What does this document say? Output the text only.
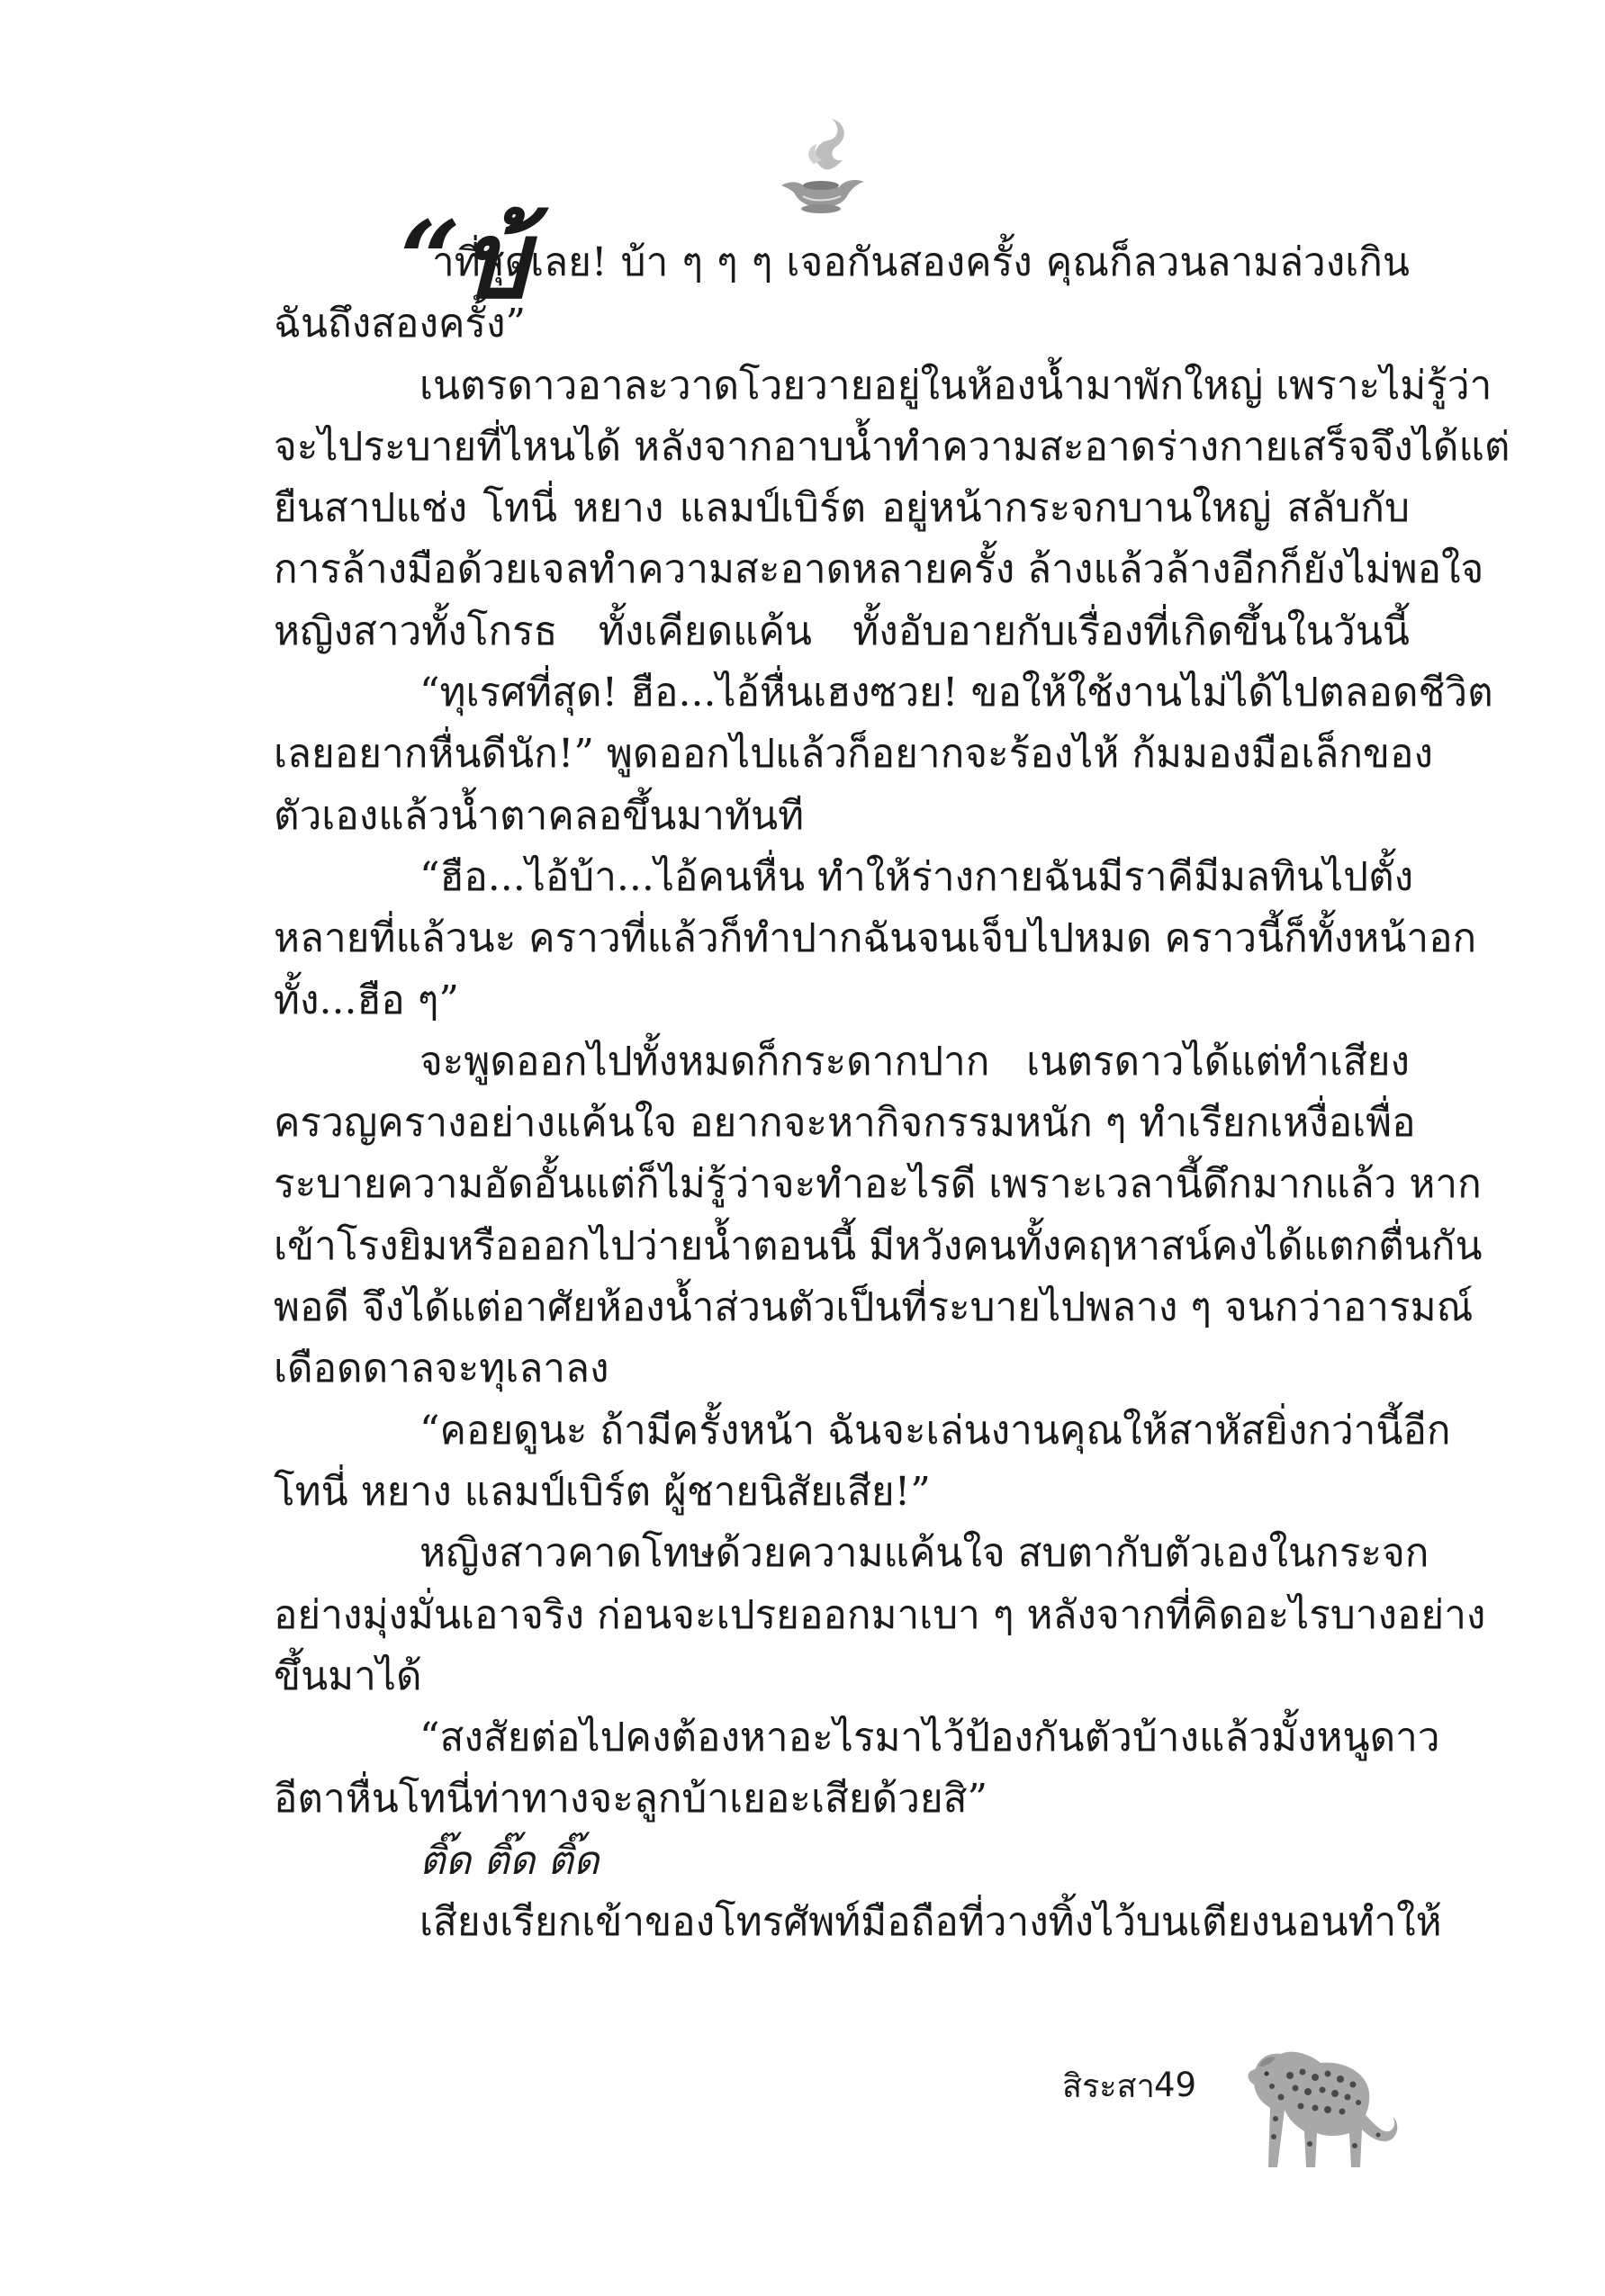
“บ้
าที่สุดเลย! บ้า ๆ ๆ ๆ เจอกันสองครั้ง คุณก็ลวนลามล่วงเกิน
ฉันถึงสองครั้ง”
เนตรดาวอาละวาดโวยวายอยู่ในห้องน้ำมาพักใหญ่ เพราะไม่รู้ว่า
จะไประบายที่ไหนได้ หลังจากอาบน้ำทำความสะอาดร่างกายเสร็จจึงได้แต่
ยืนสาปแช่ง โทนี่ หยาง แลมป์เบิร์ต อยู่หน้ากระจกบานใหญ่ สลับกับ
การล้างมือด้วยเจลทำความสะอาดหลายครั้ง ล้างแล้วล้างอีกก็ยังไม่พอใจ
หญิงสาวทั้งโกรธ ทั้งเคียดแค้น ทั้งอับอายกับเรื่องที่เกิดขึ้นในวันนี้
“ทุเรศที่สุด! ฮือ...ไอ้หื่นเฮงซวย! ขอให้ใช้งานไม่ได้ไปตลอดชีวิต
เลยอยากหื่นดีนัก!” พูดออกไปแล้วก็อยากจะร้องไห้ ก้มมองมือเล็กของ
ตัวเองแล้วน้ำตาคลอขึ้นมาทันที
“ฮือ...ไอ้บ้า...ไอ้คนหื่น ทำให้ร่างกายฉันมีราคีมีมลทินไปตั้ง
หลายที่แล้วนะ คราวที่แล้วก็ทำปากฉันจนเจ็บไปหมด คราวนี้ก็ทั้งหน้าอก
ทั้ง...ฮือ ๆ”
จะพูดออกไปทั้งหมดก็กระดากปาก เนตรดาวได้แต่ทำเสียง
ครวญครางอย่างแค้นใจ อยากจะหากิจกรรมหนัก ๆ ทำเรียกเหงื่อเพื่อ
ระบายความอัดอั้นแต่ก็ไม่รู้ว่าจะทำอะไรดี เพราะเวลานี้ดึกมากแล้ว หาก
เข้าโรงยิมหรือออกไปว่ายน้ำตอนนี้ มีหวังคนทั้งคฤหาสน์คงได้แตกตื่นกัน
พอดี จึงได้แต่อาศัยห้องน้ำส่วนตัวเป็นที่ระบายไปพลาง ๆ จนกว่าอารมณ์
เดือดดาลจะทุเลาลง
“คอยดูนะ ถ้ามีครั้งหน้า ฉันจะเล่นงานคุณให้สาหัสยิ่งกว่านี้อีก
โทนี่ หยาง แลมป์เบิร์ต ผู้ชายนิสัยเสีย!”
หญิงสาวคาดโทษด้วยความแค้นใจ สบตากับตัวเองในกระจก
อย่างมุ่งมั่นเอาจริง ก่อนจะเปรยออกมาเบา ๆ หลังจากที่คิดอะไรบางอย่าง
ขึ้นมาได้
“สงสัยต่อไปคงต้องหาอะไรมาไว้ป้องกันตัวบ้างแล้วมั้งหนูดาว
อีตาหื่นโทนี่ท่าทางจะลูกบ้าเยอะเสียด้วยสิ”
ติ๊ด ติ๊ด ติ๊ด
เสียงเรียกเข้าของโทรศัพท์มือถือที่วางทิ้งไว้บนเตียงนอนทำให้
สิระสา 49
